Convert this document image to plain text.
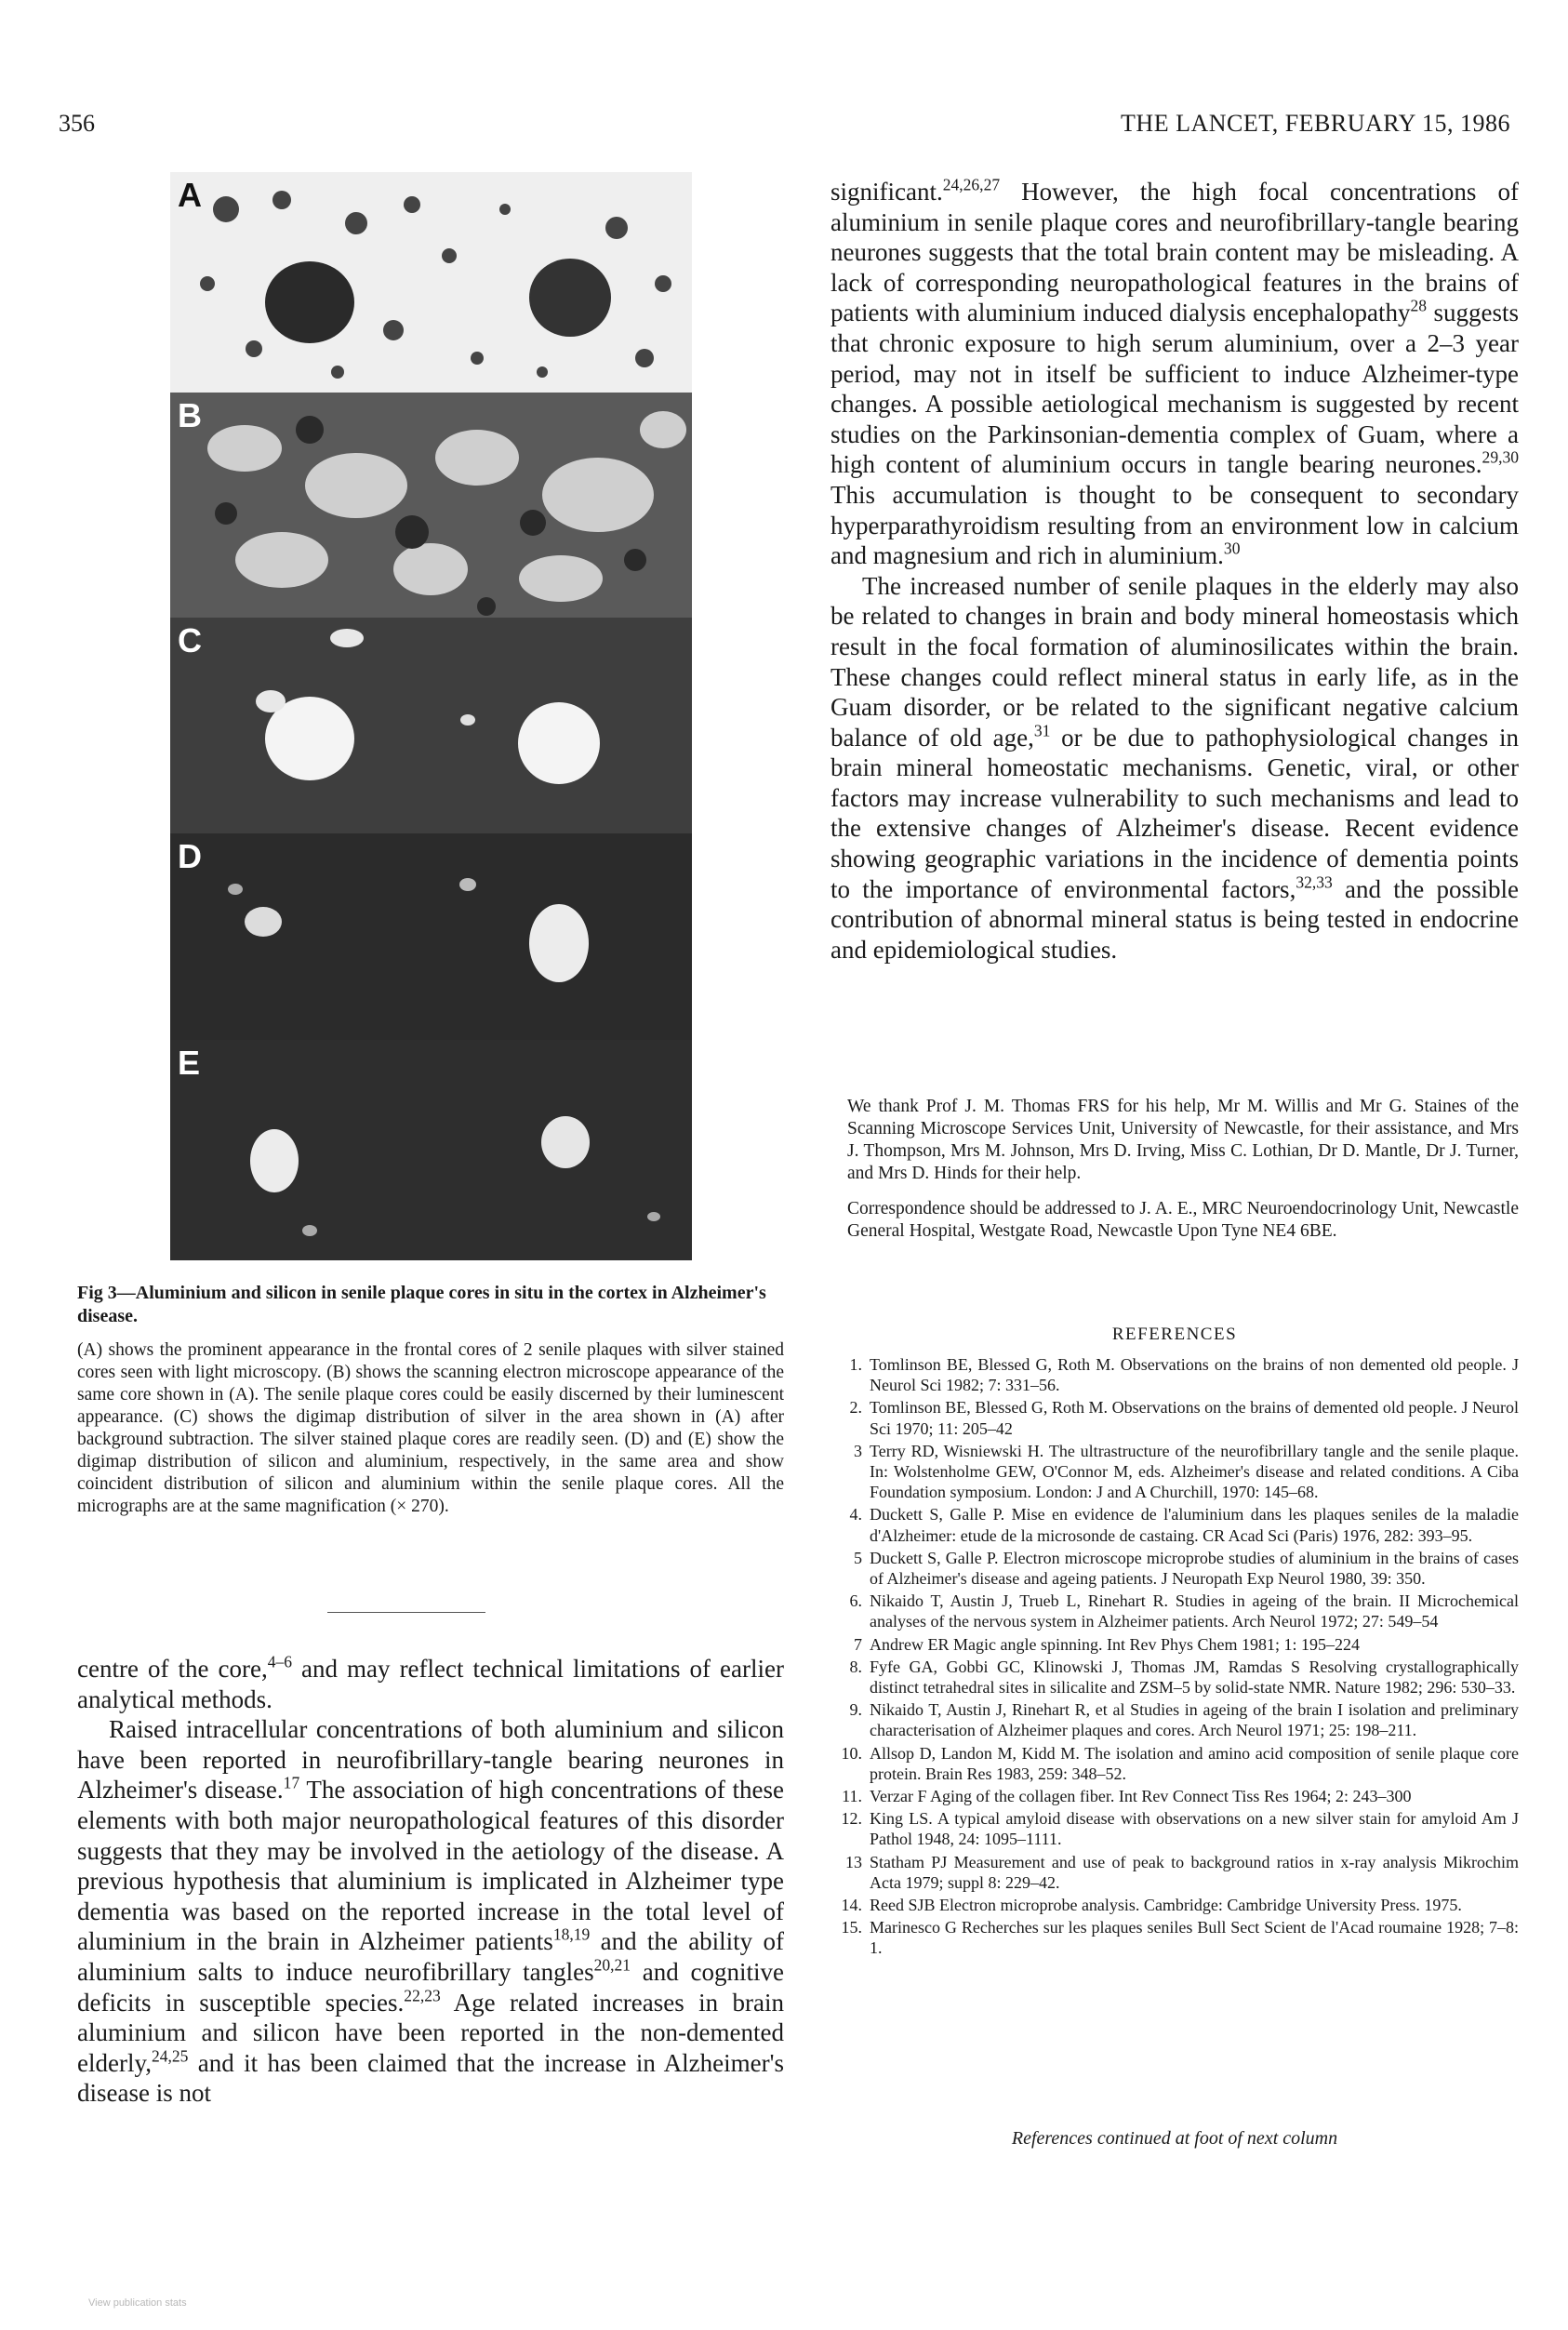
356	THE LANCET, FEBRUARY 15, 1986
A
B
C
D
E

Fig 3—Aluminium and silicon in senile plaque cores in situ in the cortex in Alzheimer's disease.

(A) shows the prominent appearance in the frontal cores of 2 senile plaques with silver stained cores seen with light microscopy. (B) shows the scanning electron microscope appearance of the same core shown in (A). The senile plaque cores could be easily discerned by their luminescent appearance. (C) shows the digimap distribution of silver in the area shown in (A) after background subtraction. The silver stained plaque cores are readily seen. (D) and (E) show the digimap distribution of silicon and aluminium, respectively, in the same area and show coincident distribution of silicon and aluminium within the senile plaque cores. All the micrographs are at the same magnification (× 270).

centre of the core,$^{4-6}$ and may reflect technical limitations of earlier analytical methods.

Raised intracellular concentrations of both aluminium and silicon have been reported in neurofibrillary-tangle bearing neurones in Alzheimer's disease.$^{17}$ The association of high concentrations of these elements with both major neuropathological features of this disorder suggests that they may be involved in the aetiology of the disease. A previous hypothesis that aluminium is implicated in Alzheimer type dementia was based on the reported increase in the total level of aluminium in the brain in Alzheimer patients$^{18,19}$ and the ability of aluminium salts to induce neurofibrillary tangles$^{20,21}$ and cognitive deficits in susceptible species.$^{22,23}$ Age related increases in brain aluminium and silicon have been reported in the non-demented elderly,$^{24,25}$ and it has been claimed that the increase in Alzheimer's disease is not

significant.$^{24,26,27}$ However, the high focal concentrations of aluminium in senile plaque cores and neurofibrillary-tangle bearing neurones suggests that the total brain content may be misleading. A lack of corresponding neuropathological features in the brains of patients with aluminium induced dialysis encephalopathy$^{28}$ suggests that chronic exposure to high serum aluminium, over a 2–3 year period, may not in itself be sufficient to induce Alzheimer-type changes. A possible aetiological mechanism is suggested by recent studies on the Parkinsonian-dementia complex of Guam, where a high content of aluminium occurs in tangle bearing neurones.$^{29,30}$ This accumulation is thought to be consequent to secondary hyperparathyroidism resulting from an environment low in calcium and magnesium and rich in aluminium.$^{30}$

The increased number of senile plaques in the elderly may also be related to changes in brain and body mineral homeostasis which result in the focal formation of aluminosilicates within the brain. These changes could reflect mineral status in early life, as in the Guam disorder, or be related to the significant negative calcium balance of old age,$^{31}$ or be due to pathophysiological changes in brain mineral homeostatic mechanisms. Genetic, viral, or other factors may increase vulnerability to such mechanisms and lead to the extensive changes of Alzheimer's disease. Recent evidence showing geographic variations in the incidence of dementia points to the importance of environmental factors,$^{32,33}$ and the possible contribution of abnormal mineral status is being tested in endocrine and epidemiological studies.

We thank Prof J. M. Thomas FRS for his help, Mr M. Willis and Mr G. Staines of the Scanning Microscope Services Unit, University of Newcastle, for their assistance, and Mrs J. Thompson, Mrs M. Johnson, Mrs D. Irving, Miss C. Lothian, Dr D. Mantle, Dr J. Turner, and Mrs D. Hinds for their help.

Correspondence should be addressed to J. A. E., MRC Neuroendocrinology Unit, Newcastle General Hospital, Westgate Road, Newcastle Upon Tyne NE4 6BE.

REFERENCES
1. Tomlinson BE, Blessed G, Roth M. Observations on the brains of non demented old people. J Neurol Sci 1982; 7: 331–56.
2. Tomlinson BE, Blessed G, Roth M. Observations on the brains of demented old people. J Neurol Sci 1970; 11: 205–42
3 Terry RD, Wisniewski H. The ultrastructure of the neurofibrillary tangle and the senile plaque. In: Wolstenholme GEW, O'Connor M, eds. Alzheimer's disease and related conditions. A Ciba Foundation symposium. London: J and A Churchill, 1970: 145–68.
4. Duckett S, Galle P. Mise en evidence de l'aluminium dans les plaques seniles de la maladie d'Alzheimer: etude de la microsonde de castaing. CR Acad Sci (Paris) 1976, 282: 393–95.
5 Duckett S, Galle P. Electron microscope microprobe studies of aluminium in the brains of cases of Alzheimer's disease and ageing patients. J Neuropath Exp Neurol 1980, 39: 350.
6. Nikaido T, Austin J, Trueb L, Rinehart R. Studies in ageing of the brain. II Microchemical analyses of the nervous system in Alzheimer patients. Arch Neurol 1972; 27: 549–54
7 Andrew ER Magic angle spinning. Int Rev Phys Chem 1981; 1: 195–224
8. Fyfe GA, Gobbi GC, Klinowski J, Thomas JM, Ramdas S Resolving crystallographically distinct tetrahedral sites in silicalite and ZSM–5 by solid-state NMR. Nature 1982; 296: 530–33.
9. Nikaido T, Austin J, Rinehart R, et al Studies in ageing of the brain I isolation and preliminary characterisation of Alzheimer plaques and cores. Arch Neurol 1971; 25: 198–211.
10. Allsop D, Landon M, Kidd M. The isolation and amino acid composition of senile plaque core protein. Brain Res 1983, 259: 348–52.
11. Verzar F Aging of the collagen fiber. Int Rev Connect Tiss Res 1964; 2: 243–300
12. King LS. A typical amyloid disease with observations on a new silver stain for amyloid Am J Pathol 1948, 24: 1095–1111.
13 Statham PJ Measurement and use of peak to background ratios in x-ray analysis Mikrochim Acta 1979; suppl 8: 229–42.
14. Reed SJB Electron microprobe analysis. Cambridge: Cambridge University Press. 1975.
15. Marinesco G Recherches sur les plaques seniles Bull Sect Scient de l'Acad roumaine 1928; 7–8: 1.
References continued at foot of next column
View publication stats
